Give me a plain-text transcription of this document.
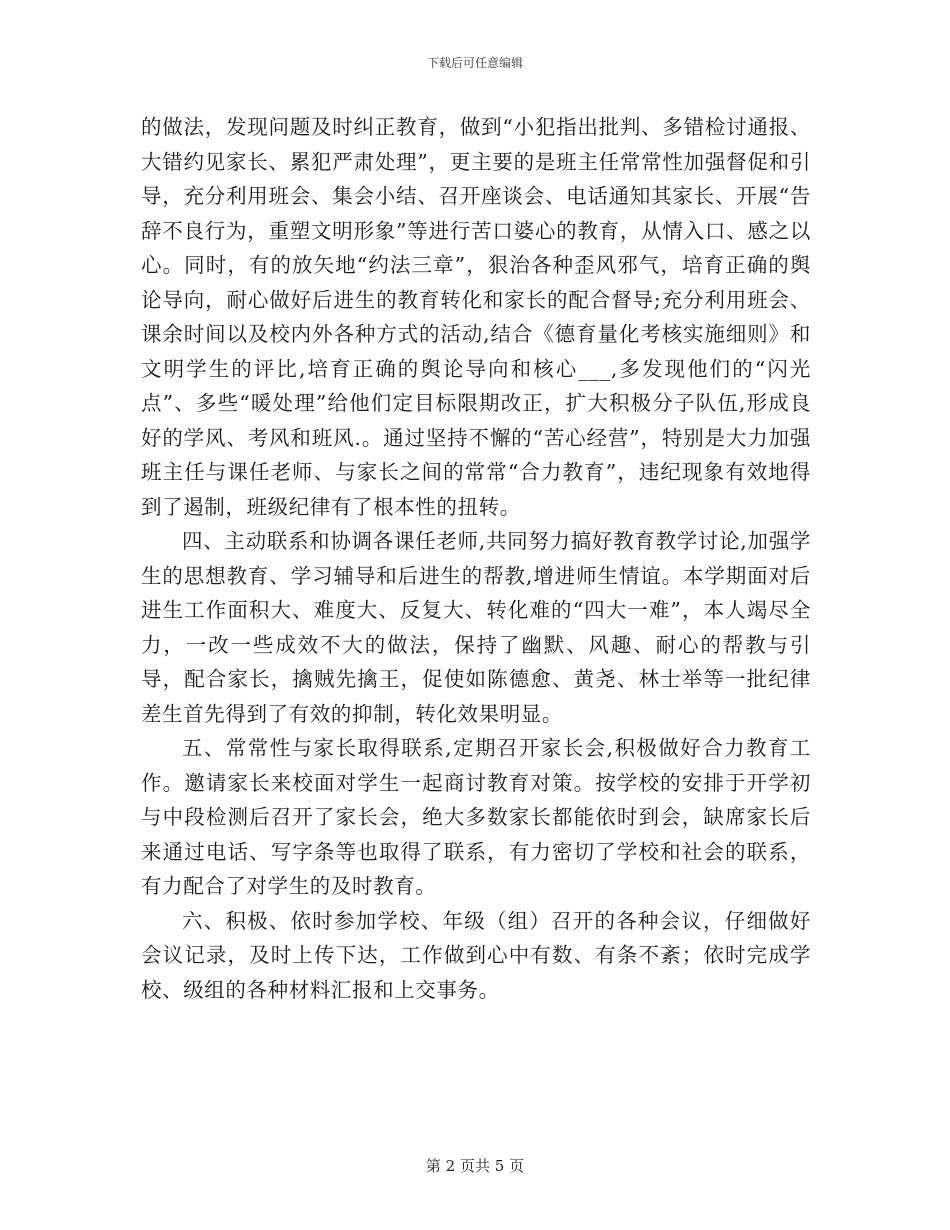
下载后可任意编辑

的做法，发现问题及时纠正教育，做到“小犯指出批判、多错检讨通报、大错约见家长、累犯严肃处理”，更主要的是班主任常常性加强督促和引导，充分利用班会、集会小结、召开座谈会、电话通知其家长、开展“告辞不良行为，重塑文明形象”等进行苦口婆心的教育，从情入口、感之以心。同时，有的放矢地“约法三章”，狠治各种歪风邪气，培育正确的舆论导向，耐心做好后进生的教育转化和家长的配合督导;充分利用班会、课余时间以及校内外各种方式的活动,结合《德育量化考核实施细则》和文明学生的评比,培育正确的舆论导向和核心___,多发现他们的“闪光点”、多些“暖处理”给他们定目标限期改正，扩大积极分子队伍,形成良好的学风、考风和班风.。通过坚持不懈的“苦心经营”，特别是大力加强班主任与课任老师、与家长之间的常常“合力教育”，违纪现象有效地得到了遏制，班级纪律有了根本性的扭转。

四、主动联系和协调各课任老师,共同努力搞好教育教学讨论,加强学生的思想教育、学习辅导和后进生的帮教,增进师生情谊。本学期面对后进生工作面积大、难度大、反复大、转化难的“四大一难”，本人竭尽全力，一改一些成效不大的做法，保持了幽默、风趣、耐心的帮教与引导，配合家长，擒贼先擒王，促使如陈德愈、黄尧、林士举等一批纪律差生首先得到了有效的抑制，转化效果明显。

五、常常性与家长取得联系,定期召开家长会,积极做好合力教育工作。邀请家长来校面对学生一起商讨教育对策。按学校的安排于开学初与中段检测后召开了家长会，绝大多数家长都能依时到会，缺席家长后来通过电话、写字条等也取得了联系，有力密切了学校和社会的联系，有力配合了对学生的及时教育。

六、积极、依时参加学校、年级（组）召开的各种会议，仔细做好会议记录，及时上传下达，工作做到心中有数、有条不紊；依时完成学校、级组的各种材料汇报和上交事务。

第 2 页共 5 页
